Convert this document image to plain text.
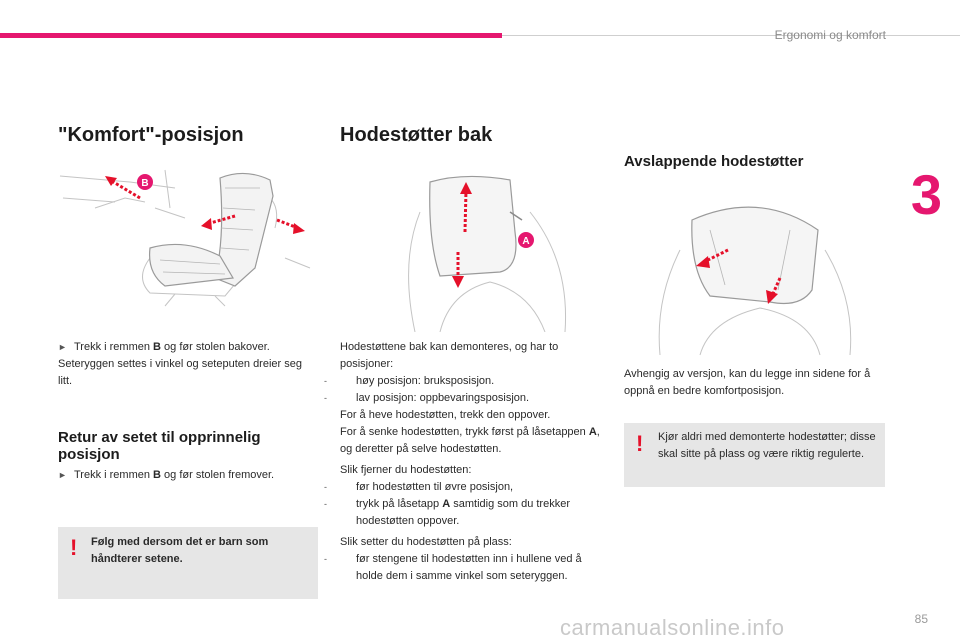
Ergonomi og komfort
3
"Komfort"-posisjon
B
► Trekk i remmen B og før stolen bakover. Seteryggen settes i vinkel og seteputen dreier seg litt.
Retur av setet til opprinnelig posisjon
► Trekk i remmen B og før stolen fremover.
! Følg med dersom det er barn som håndterer setene.
Hodestøtter bak
A
Hodestøttene bak kan demonteres, og har to posisjoner:
-	høy posisjon: bruksposisjon.
-	lav posisjon: oppbevaringsposisjon.
For å heve hodestøtten, trekk den oppover.
For å senke hodestøtten, trykk først på låsetappen A, og deretter på selve hodestøtten.
Slik fjerner du hodestøtten:
-	før hodestøtten til øvre posisjon,
-	trykk på låsetapp A samtidig som du trekker hodestøtten oppover.
Slik setter du hodestøtten på plass:
-	før stengene til hodestøtten inn i hullene ved å holde dem i samme vinkel som seteryggen.
Avslappende hodestøtter
Avhengig av versjon, kan du legge inn sidene for å oppnå en bedre komfortposisjon.
! Kjør aldri med demonterte hodestøtter; disse skal sitte på plass og være riktig regulerte.
85
carmanualsonline.info
